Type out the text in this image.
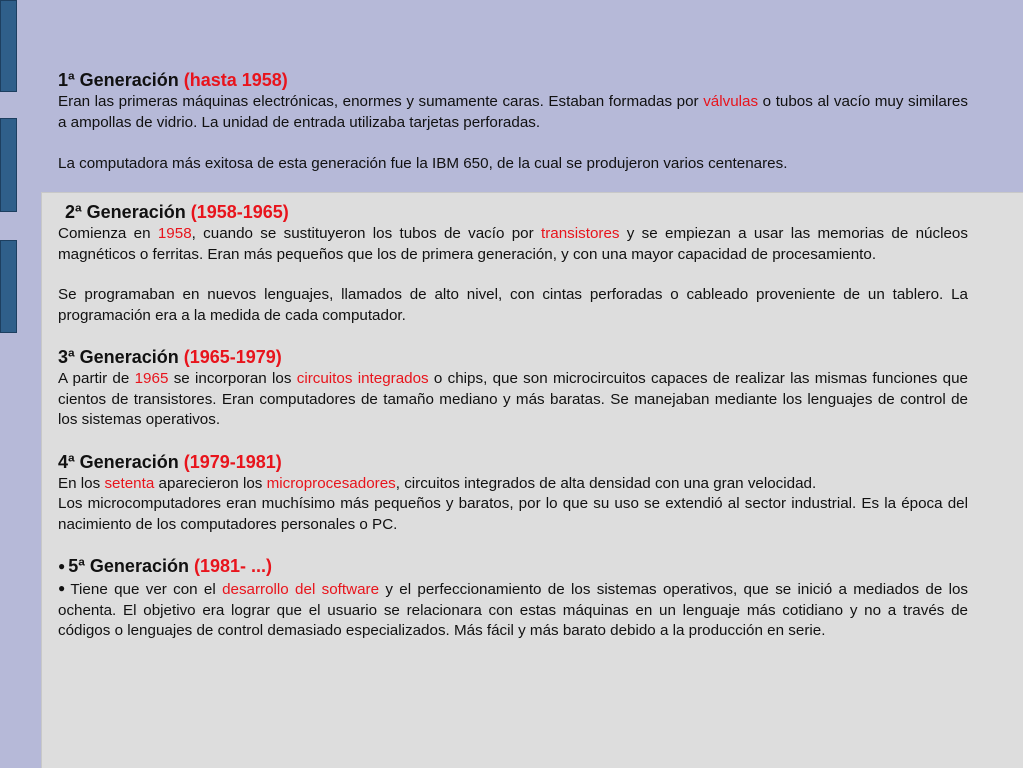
1ª Generación (hasta 1958)

Eran las primeras máquinas electrónicas, enormes y sumamente caras. Estaban formadas por válvulas o tubos al vacío muy similares a ampollas de vidrio. La unidad de entrada utilizaba tarjetas perforadas.

La computadora más exitosa de esta generación fue la IBM 650, de la cual se produjeron varios centenares.

2ª Generación (1958-1965)

Comienza en 1958, cuando se sustituyeron los tubos de vacío por transistores y se empiezan a usar las memorias de núcleos magnéticos o ferritas. Eran más pequeños que los de primera generación, y con una mayor capacidad de procesamiento.

Se programaban en nuevos lenguajes, llamados de alto nivel, con cintas perforadas o cableado proveniente de un tablero. La programación era a la medida de cada computador.

3ª Generación (1965-1979)

A partir de 1965 se incorporan los circuitos integrados o chips, que son microcircuitos capaces de realizar las mismas funciones que cientos de transistores. Eran computadores de tamaño mediano y más baratas. Se manejaban mediante los lenguajes de control de los sistemas operativos.

4ª Generación (1979-1981)

En los setenta aparecieron los microprocesadores, circuitos integrados de alta densidad con una gran velocidad.

Los microcomputadores eran muchísimo más pequeños y baratos, por lo que su uso se extendió al sector industrial. Es la época del nacimiento de los computadores personales o PC.

● 5ª Generación (1981- ...)

● Tiene que ver con el desarrollo del software y el perfeccionamiento de los sistemas operativos, que se inició a mediados de los ochenta. El objetivo era lograr que el usuario se relacionara con estas máquinas en un lenguaje más cotidiano y no a través de códigos o lenguajes de control demasiado especializados. Más fácil y más barato debido a la producción en serie.
